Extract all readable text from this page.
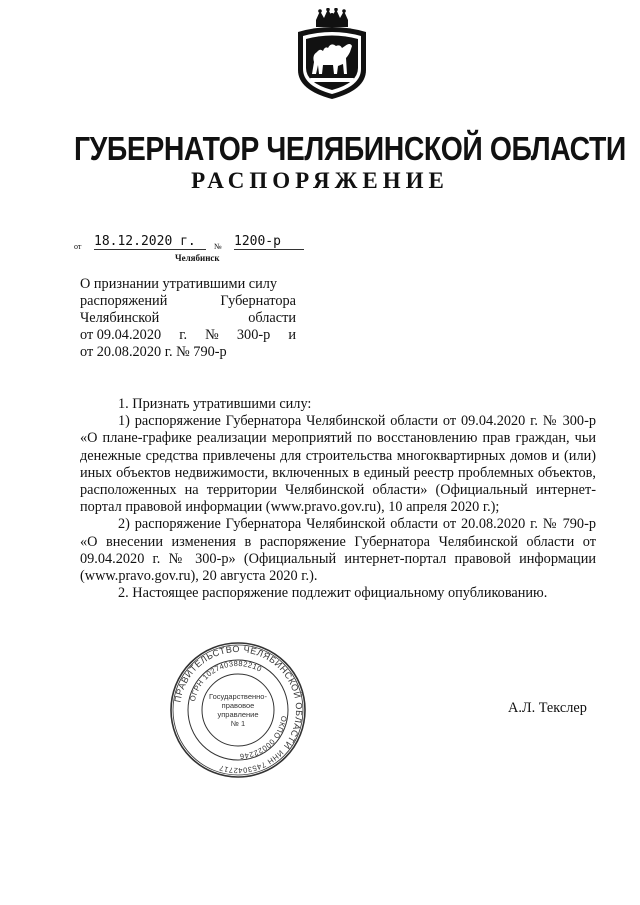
ГУБЕРНАТОР ЧЕЛЯБИНСКОЙ ОБЛАСТИ
РАСПОРЯЖЕНИЕ
от 18.12.2020 г.	№ 1200-р
Челябинск
О признании утратившими силу
распоряжений	Губернатора
Челябинской	области
от 09.04.2020 г. № 300-р и
от 20.08.2020 г. № 790-р

1. Признать утратившими силу:

1) распоряжение Губернатора Челябинской области от 09.04.2020 г. № 300-р «О плане-графике реализации мероприятий по восстановлению прав граждан, чьи денежные средства привлечены для строительства многоквартирных домов и (или) иных объектов недвижимости, включенных в единый реестр проблемных объектов, расположенных на территории Челябинской области» (Официальный интернет-портал правовой информации (www.pravo.gov.ru), 10 апреля 2020 г.);

2) распоряжение Губернатора Челябинской области от 20.08.2020 г. № 790-р «О внесении изменения в распоряжение Губернатора Челябинской области от 09.04.2020 г. № 300-р» (Официальный интернет-портал правовой информации (www.pravo.gov.ru), 20 августа 2020 г.).

2. Настоящее распоряжение подлежит официальному опубликованию.

ПРАВИТЕЛЬСТВО ЧЕЛЯБИНСКОЙ ОБЛАСТИ
ОГРН 1027403882210
ОКПО 00022246	ИНН 7453042717
Государственно-
правовое
управление
№ 1
А.Л. Текслер
